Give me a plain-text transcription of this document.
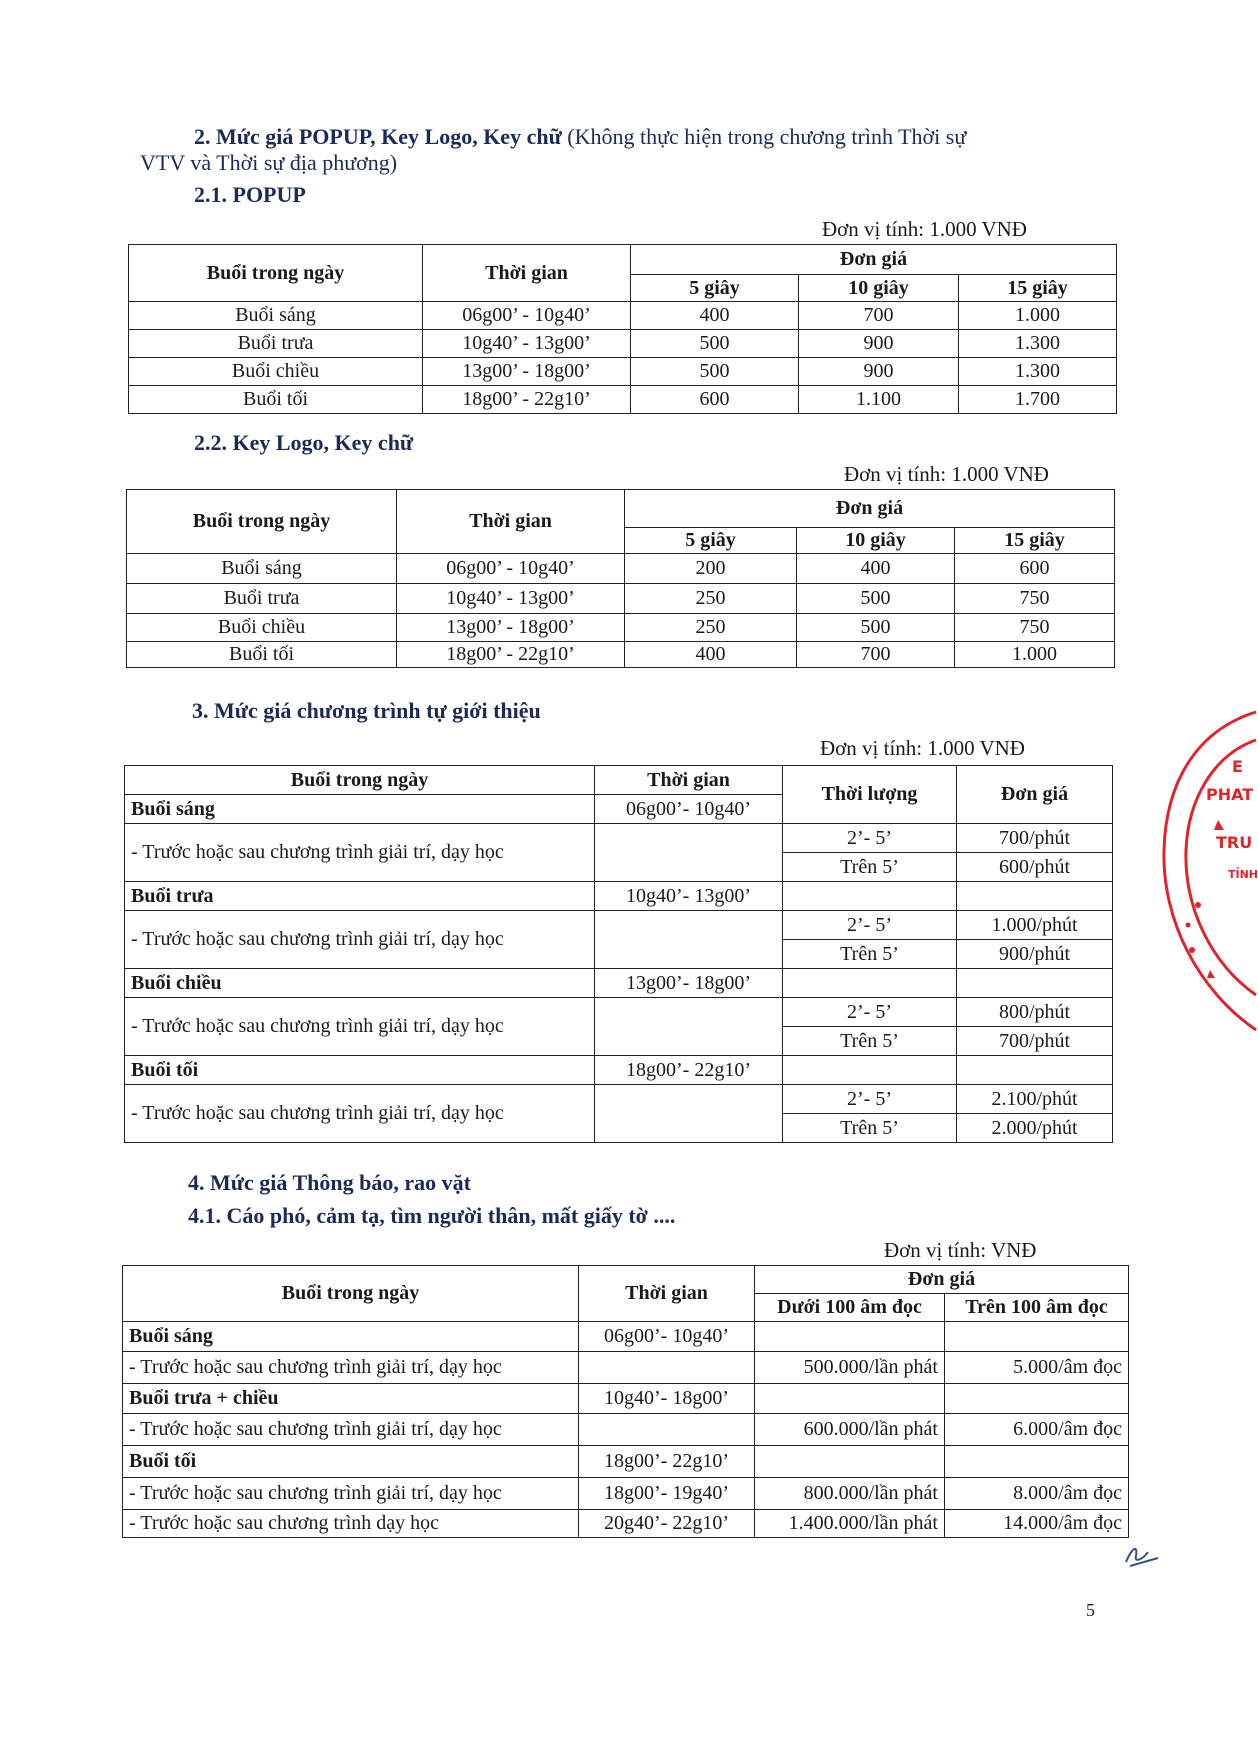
2. Mức giá POPUP, Key Logo, Key chữ (Không thực hiện trong chương trình Thời sự
VTV và Thời sự địa phương)
2.1. POPUP
Đơn vị tính: 1.000 VNĐ
Buổi trong ngày	Thời gian	Đơn giá		
		5 giây	10 giây	15 giây
Buổi sáng	06g00’ - 10g40’	400	700	1.000
Buổi trưa	10g40’ - 13g00’	500	900	1.300
Buổi chiều	13g00’ - 18g00’	500	900	1.300
Buổi tối	18g00’ - 22g10’	600	1.100	1.700
2.2. Key Logo, Key chữ
Đơn vị tính: 1.000 VNĐ
Buổi trong ngày	Thời gian	Đơn giá		
		5 giây	10 giây	15 giây
Buổi sáng	06g00’ - 10g40’	200	400	600
Buổi trưa	10g40’ - 13g00’	250	500	750
Buổi chiều	13g00’ - 18g00’	250	500	750
Buổi tối	18g00’ - 22g10’	400	700	1.000
3. Mức giá chương trình tự giới thiệu
Đơn vị tính: 1.000 VNĐ
Buổi trong ngày	Thời gian	Thời lượng	Đơn giá
Buổi sáng	06g00’- 10g40’		
- Trước hoặc sau chương trình giải trí, dạy học		2’- 5’	700/phút
		Trên 5’	600/phút
Buổi trưa	10g40’- 13g00’		
- Trước hoặc sau chương trình giải trí, dạy học		2’- 5’	1.000/phút
		Trên 5’	900/phút
Buổi chiều	13g00’- 18g00’		
- Trước hoặc sau chương trình giải trí, dạy học		2’- 5’	800/phút
		Trên 5’	700/phút
Buổi tối	18g00’- 22g10’		
- Trước hoặc sau chương trình giải trí, dạy học		2’- 5’	2.100/phút
		Trên 5’	2.000/phút
4. Mức giá Thông báo, rao vặt
4.1. Cáo phó, cảm tạ, tìm người thân, mất giấy tờ ....
Đơn vị tính: VNĐ
Buổi trong ngày	Thời gian	Đơn giá	
		Dưới 100 âm đọc	Trên 100 âm đọc
Buổi sáng	06g00’- 10g40’		
- Trước hoặc sau chương trình giải trí, dạy học		500.000/lần phát	5.000/âm đọc
Buổi trưa + chiều	10g40’- 18g00’		
- Trước hoặc sau chương trình giải trí, dạy học		600.000/lần phát	6.000/âm đọc
Buổi tối	18g00’- 22g10’		
- Trước hoặc sau chương trình giải trí, dạy học	18g00’- 19g40’	800.000/lần phát	8.000/âm đọc
- Trước hoặc sau chương trình dạy học	20g40’- 22g10’	1.400.000/lần phát	14.000/âm đọc
E
PHAT
TRU
TỈNH
5
